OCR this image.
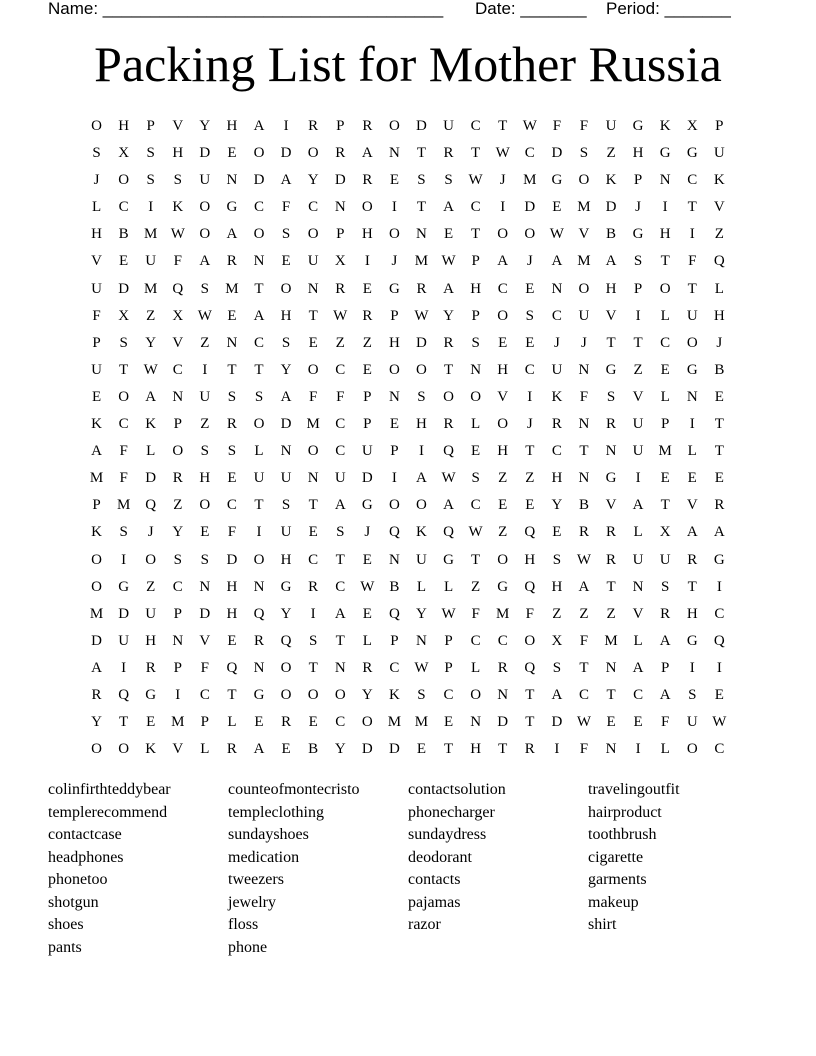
Name: ____________________________________ Date: _______ Period: _______
Packing List for Mother Russia
O	H	P	V	Y	H	A	I	R	P	R	O	D	U	C	T	W	F	F	U	G	K	X	P
S	X	S	H	D	E	O	D	O	R	A	N	T	R	T	W C	D	S	Z	H	G	G	U
J	O	S	S	U	N	D	A	Y	D	R	E	S	S	W	J	M G	O	K	P	N	C	K
L	C	I	K	O	G	C	F	C	N	O	I	T	A	C	I	D	E	M D	J	I	T	V
H	B	M W O	A	O	S	O	P	H	O	N	E	T	O	O W V	B	G	H	I	Z
V	E	U	F	A	R	N	E	U	X	I	J	M W	P	A	J	A M A	S	T	F	Q
U	D M Q	S	M	T	O	N	R	E	G	R	A	H	C	E	N	O	H	P	O	T	L
F	X	Z	X W	E	A	H	T	W R	P	W Y	P	O	S	C	U	V	I	L	U	H
P	S	Y	V	Z	N	C	S	E	Z	Z	H	D	R	S	E	E	J	J	T	T	C	O	J
U	T	W C	I	T	T	Y	O	C	E	O	O	T	N	H	C	U	N	G	Z	E	G	B
E	O	A	N	U	S	S	A	F	F	P	N	S	O	O	V	I	K	F	S	V	L	N	E
K	C	K	P	Z	R	O	D M	C	P	E	H	R	L	O	J	R	N	R	U	P	I	T
A	F	L	O	S	S	L	N	O	C	U	P	I	Q	E	H	T	C	T	N	U M	L	T
M	F	D	R	H	E	U	U	N	U	D	I	A W	S	Z	Z	H	N	G	I	E	E	E
P	M Q	Z	O	C	T	S	T	A	G	O	O	A	C	E	E	Y	B	V	A	T	V	R
K	S	J	Y	E	F	I	U	E	S	J	Q	K	Q W	Z	Q	E	R	R	L	X	A	A
O	I	O	S	S	D	O	H	C	T	E	N	U	G	T	O	H	S	W R	U	U	R	G
O	G	Z	C	N	H	N	G	R	C W B	L	L	Z	G	Q	H	A	T	N	S	T	I
M D	U	P	D	H	Q	Y	I	A	E	Q	Y W	F	M	F	Z	Z	Z	V	R	H	C
D	U	H	N	V	E	R	Q	S	T	L	P	N	P	C	C	O	X	F	M	L	A	G	Q
A	I	R	P	F	Q	N	O	T	N	R	C W	P	L	R	Q	S	T	N	A	P	I	I
R	Q	G	I	C	T	G	O	O	O	Y	K	S	C	O	N	T	A	C	T	C	A	S	E
Y	T	E	M	P	L	E	R	E	C	O M M	E	N	D	T	D W	E	E	F	U W
O	O	K	V	L	R	A	E	B	Y	D	D	E	T	H	T	R	I	F	N	I	L	O	C
colinfirthteddybear
templerecommend
contactcase
headphones
phonetoo
shotgun
shoes
pants
counteofmontecristo
templeclothing
sundayshoes
medication
tweezers
jewelry
floss
phone
contactsolution
phonecharger
sundaydress
deodorant
contacts
pajamas
razor
travelingoutfit
hairproduct
toothbrush
cigarette
garments
makeup
shirt
